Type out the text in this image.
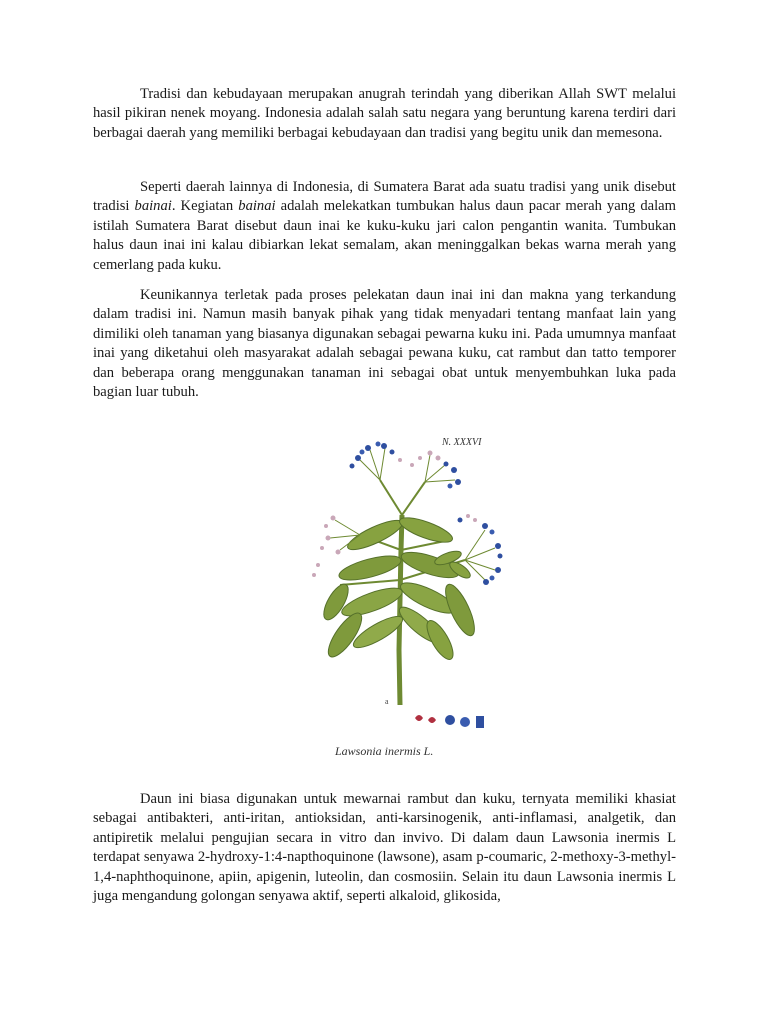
Tradisi dan kebudayaan merupakan anugrah terindah yang diberikan Allah SWT melalui hasil pikiran nenek moyang. Indonesia adalah salah satu negara yang beruntung karena terdiri dari berbagai daerah yang memiliki berbagai kebudayaan dan tradisi yang begitu unik dan memesona.

Seperti daerah lainnya di Indonesia, di Sumatera Barat ada suatu tradisi yang unik disebut tradisi bainai. Kegiatan bainai adalah melekatkan tumbukan halus daun pacar merah yang dalam istilah Sumatera Barat disebut daun inai ke kuku-kuku jari calon pengantin wanita. Tumbukan halus daun inai ini kalau dibiarkan lekat semalam, akan meninggalkan bekas warna merah yang cemerlang pada kuku.

Keunikannya terletak pada proses pelekatan daun inai ini dan makna yang terkandung dalam tradisi ini. Namun masih banyak pihak yang tidak menyadari tentang manfaat lain yang dimiliki oleh tanaman yang biasanya digunakan sebagai pewarna kuku ini. Pada umumnya manfaat inai yang diketahui oleh masyarakat adalah sebagai pewana kuku, cat rambut dan tatto temporer dan beberapa orang menggunakan tanaman ini sebagai obat untuk menyembuhkan luka pada bagian luar tubuh.

N. XXXVI
a
Lawsonia inermis L.

Daun ini biasa digunakan untuk mewarnai rambut dan kuku, ternyata memiliki khasiat sebagai antibakteri, anti-iritan, antioksidan, anti-karsinogenik, anti-inflamasi, analgetik, dan antipiretik melalui pengujian secara in vitro dan invivo. Di dalam daun Lawsonia inermis L terdapat senyawa 2-hydroxy-1:4-napthoquinone (lawsone), asam p-coumaric, 2-methoxy-3-methyl-1,4-naphthoquinone, apiin, apigenin, luteolin, dan cosmosiin. Selain itu daun Lawsonia inermis L juga mengandung golongan senyawa aktif, seperti alkaloid, glikosida,
